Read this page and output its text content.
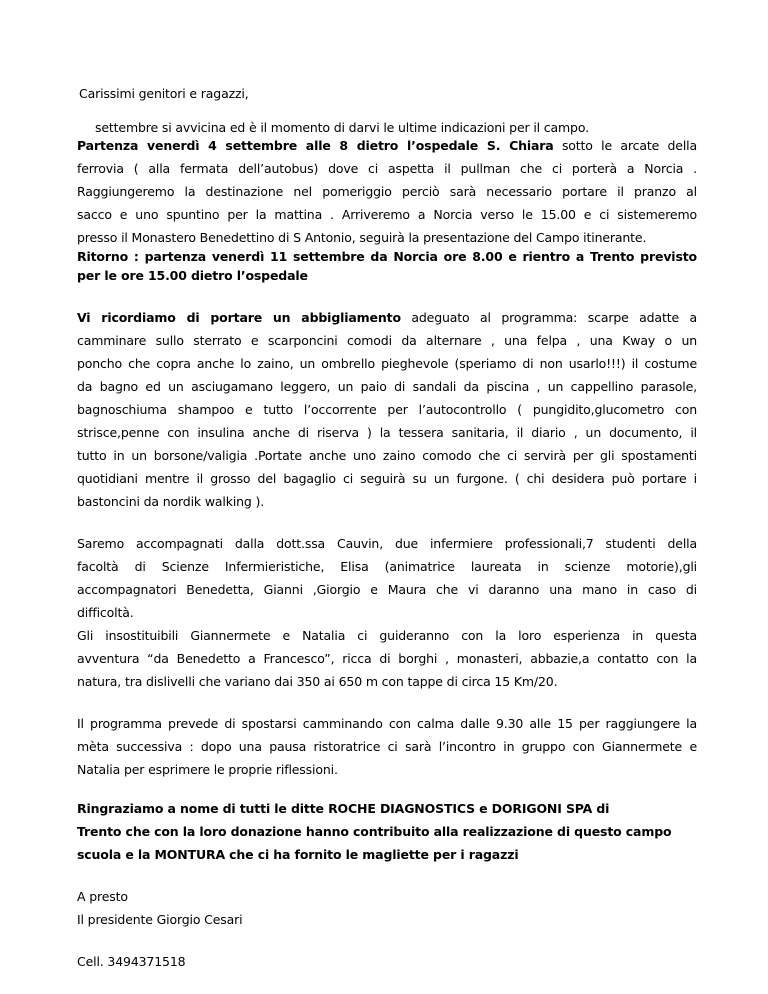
Carissimi genitori e ragazzi,
settembre si avvicina ed è il momento di darvi le ultime indicazioni per il campo.
Partenza venerdì 4 settembre alle 8 dietro l’ospedale S. Chiara sotto le arcate della
ferrovia ( alla fermata dell’autobus) dove ci aspetta il pullman che ci porterà a Norcia .
Raggiungeremo la destinazione nel pomeriggio perciò sarà necessario portare il pranzo al
sacco e uno spuntino per la mattina . Arriveremo a Norcia verso le 15.00 e ci sistemeremo
presso il Monastero Benedettino di S Antonio, seguirà la presentazione del Campo itinerante.
Ritorno : partenza venerdì 11 settembre da Norcia ore 8.00 e rientro a Trento previsto
per le ore 15.00 dietro l’ospedale
Vi ricordiamo di portare un abbigliamento adeguato al programma: scarpe adatte a
camminare sullo sterrato e scarponcini comodi da alternare , una felpa , una Kway o un
poncho che copra anche lo zaino, un ombrello pieghevole (speriamo di non usarlo!!!) il costume
da bagno ed un asciugamano leggero, un paio di sandali da piscina , un cappellino parasole,
bagnoschiuma shampoo e tutto l’occorrente per l’autocontrollo ( pungidito,glucometro con
strisce,penne con insulina anche di riserva ) la tessera sanitaria, il diario , un documento, il
tutto in un borsone/valigia .Portate anche uno zaino comodo che ci servirà per gli spostamenti
quotidiani mentre il grosso del bagaglio ci seguirà su un furgone. ( chi desidera può portare i
bastoncini da nordik walking ).
Saremo accompagnati dalla dott.ssa Cauvin, due infermiere professionali,7 studenti della
facoltà di Scienze Infermieristiche, Elisa (animatrice laureata in scienze motorie),gli
accompagnatori Benedetta, Gianni ,Giorgio e Maura che vi daranno una mano in caso di
difficoltà.
Gli insostituibili Giannermete e Natalia ci guideranno con la loro esperienza in questa
avventura “da Benedetto a Francesco”, ricca di borghi , monasteri, abbazie,a contatto con la
natura, tra dislivelli che variano dai 350 ai 650 m con tappe di circa 15 Km/20.
Il programma prevede di spostarsi camminando con calma dalle 9.30 alle 15 per raggiungere la
mèta successiva : dopo una pausa ristoratrice ci sarà l’incontro in gruppo con Giannermete e
Natalia per esprimere le proprie riflessioni.
Ringraziamo a nome di tutti le ditte ROCHE DIAGNOSTICS e DORIGONI SPA di
Trento che con la loro donazione hanno contribuito alla realizzazione di questo campo
scuola e la MONTURA che ci ha fornito le magliette per i ragazzi
A presto
Il presidente Giorgio Cesari
Cell. 3494371518
